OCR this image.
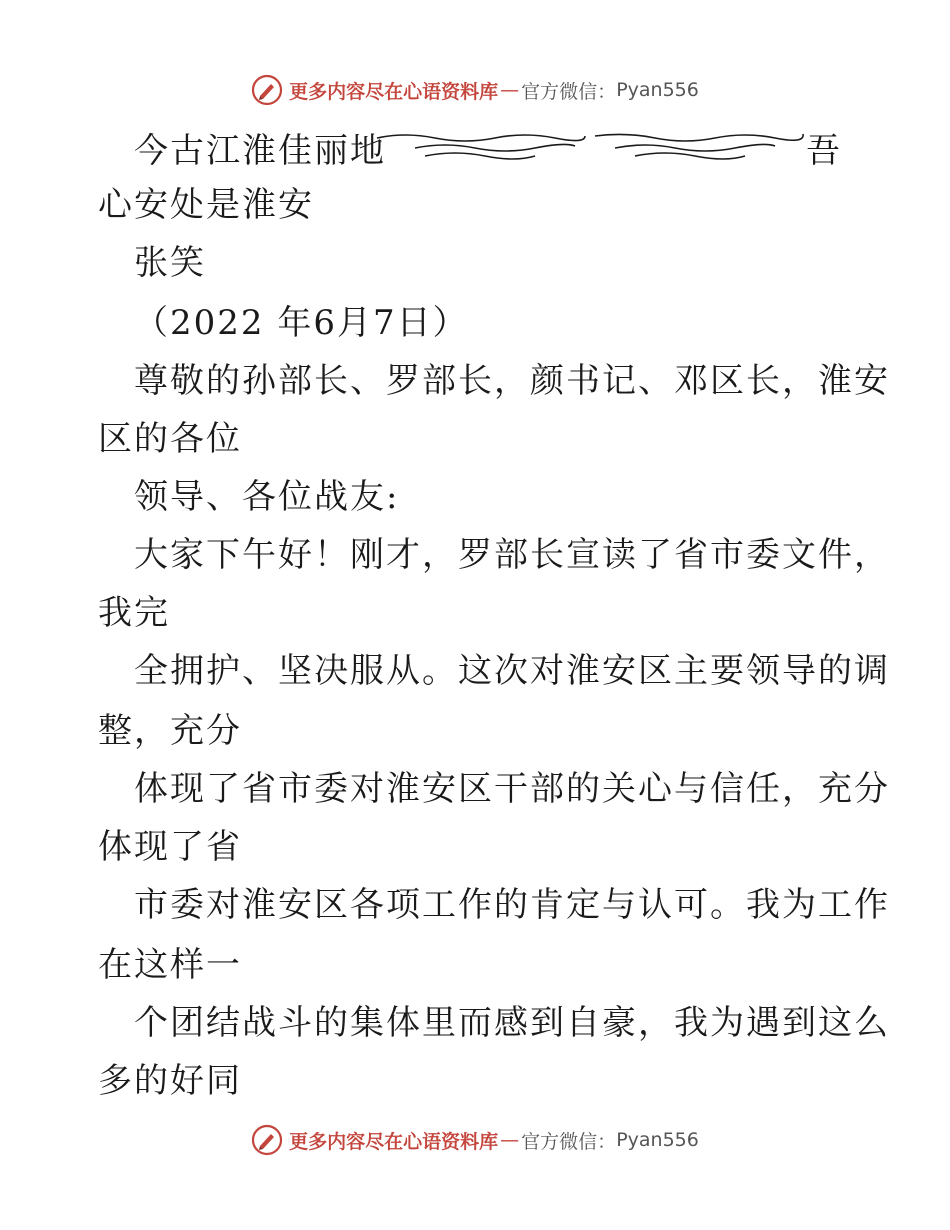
更多内容尽在心语资料库 — 官方微信 ： Pyan556
今古江淮佳丽地	吾
心安处是淮安
张笑
（2022 年6月7日）
尊敬的孙部长、罗部长，颜书记、邓区长，淮安
区的各位
领导、各位战友:
大家下午好！刚才，罗部长宣读了省市委文件，
我完
全拥护、坚决服从。这次对淮安区主要领导的调
整，充分
体现了省市委对淮安区干部的关心与信任，充分
体现了省
市委对淮安区各项工作的肯定与认可。我为工作
在这样一
个团结战斗的集体里而感到自豪，我为遇到这么
多的好同
更多内容尽在心语资料库 — 官方微信 ： Pyan556
